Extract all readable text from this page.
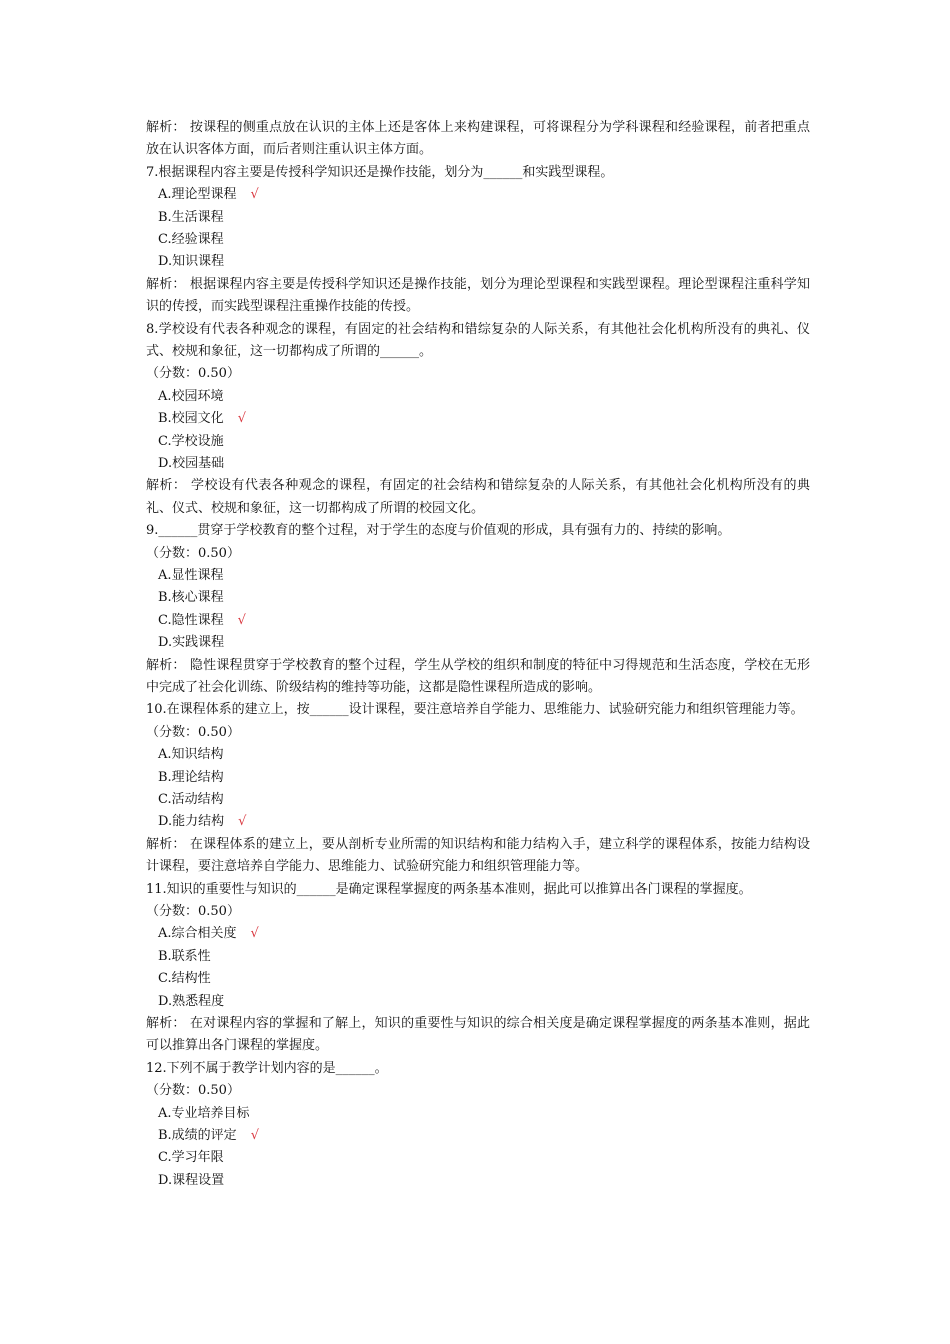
解析： 按课程的侧重点放在认识的主体上还是客体上来构建课程，可将课程分为学科课程和经验课程，前者把重点放在认识客体方面，而后者则注重认识主体方面。
7.根据课程内容主要是传授科学知识还是操作技能，划分为______和实践型课程。
A.理论型课程 √
B.生活课程
C.经验课程
D.知识课程
解析： 根据课程内容主要是传授科学知识还是操作技能，划分为理论型课程和实践型课程。理论型课程注重科学知识的传授，而实践型课程注重操作技能的传授。
8.学校设有代表各种观念的课程，有固定的社会结构和错综复杂的人际关系，有其他社会化机构所没有的典礼、仪式、校规和象征，这一切都构成了所谓的______。
（分数：0.50）
A.校园环境
B.校园文化 √
C.学校设施
D.校园基础
解析： 学校设有代表各种观念的课程，有固定的社会结构和错综复杂的人际关系，有其他社会化机构所没有的典礼、仪式、校规和象征，这一切都构成了所谓的校园文化。
9.______贯穿于学校教育的整个过程，对于学生的态度与价值观的形成，具有强有力的、持续的影响。
（分数：0.50）
A.显性课程
B.核心课程
C.隐性课程 √
D.实践课程
解析： 隐性课程贯穿于学校教育的整个过程，学生从学校的组织和制度的特征中习得规范和生活态度，学校在无形中完成了社会化训练、阶级结构的维持等功能，这都是隐性课程所造成的影响。
10.在课程体系的建立上，按______设计课程，要注意培养自学能力、思维能力、试验研究能力和组织管理能力等。
（分数：0.50）
A.知识结构
B.理论结构
C.活动结构
D.能力结构 √
解析： 在课程体系的建立上，要从剖析专业所需的知识结构和能力结构入手，建立科学的课程体系，按能力结构设计课程，要注意培养自学能力、思维能力、试验研究能力和组织管理能力等。
11.知识的重要性与知识的______是确定课程掌握度的两条基本准则，据此可以推算出各门课程的掌握度。
（分数：0.50）
A.综合相关度 √
B.联系性
C.结构性
D.熟悉程度
解析： 在对课程内容的掌握和了解上，知识的重要性与知识的综合相关度是确定课程掌握度的两条基本准则，据此可以推算出各门课程的掌握度。
12.下列不属于教学计划内容的是______。
（分数：0.50）
A.专业培养目标
B.成绩的评定 √
C.学习年限
D.课程设置
